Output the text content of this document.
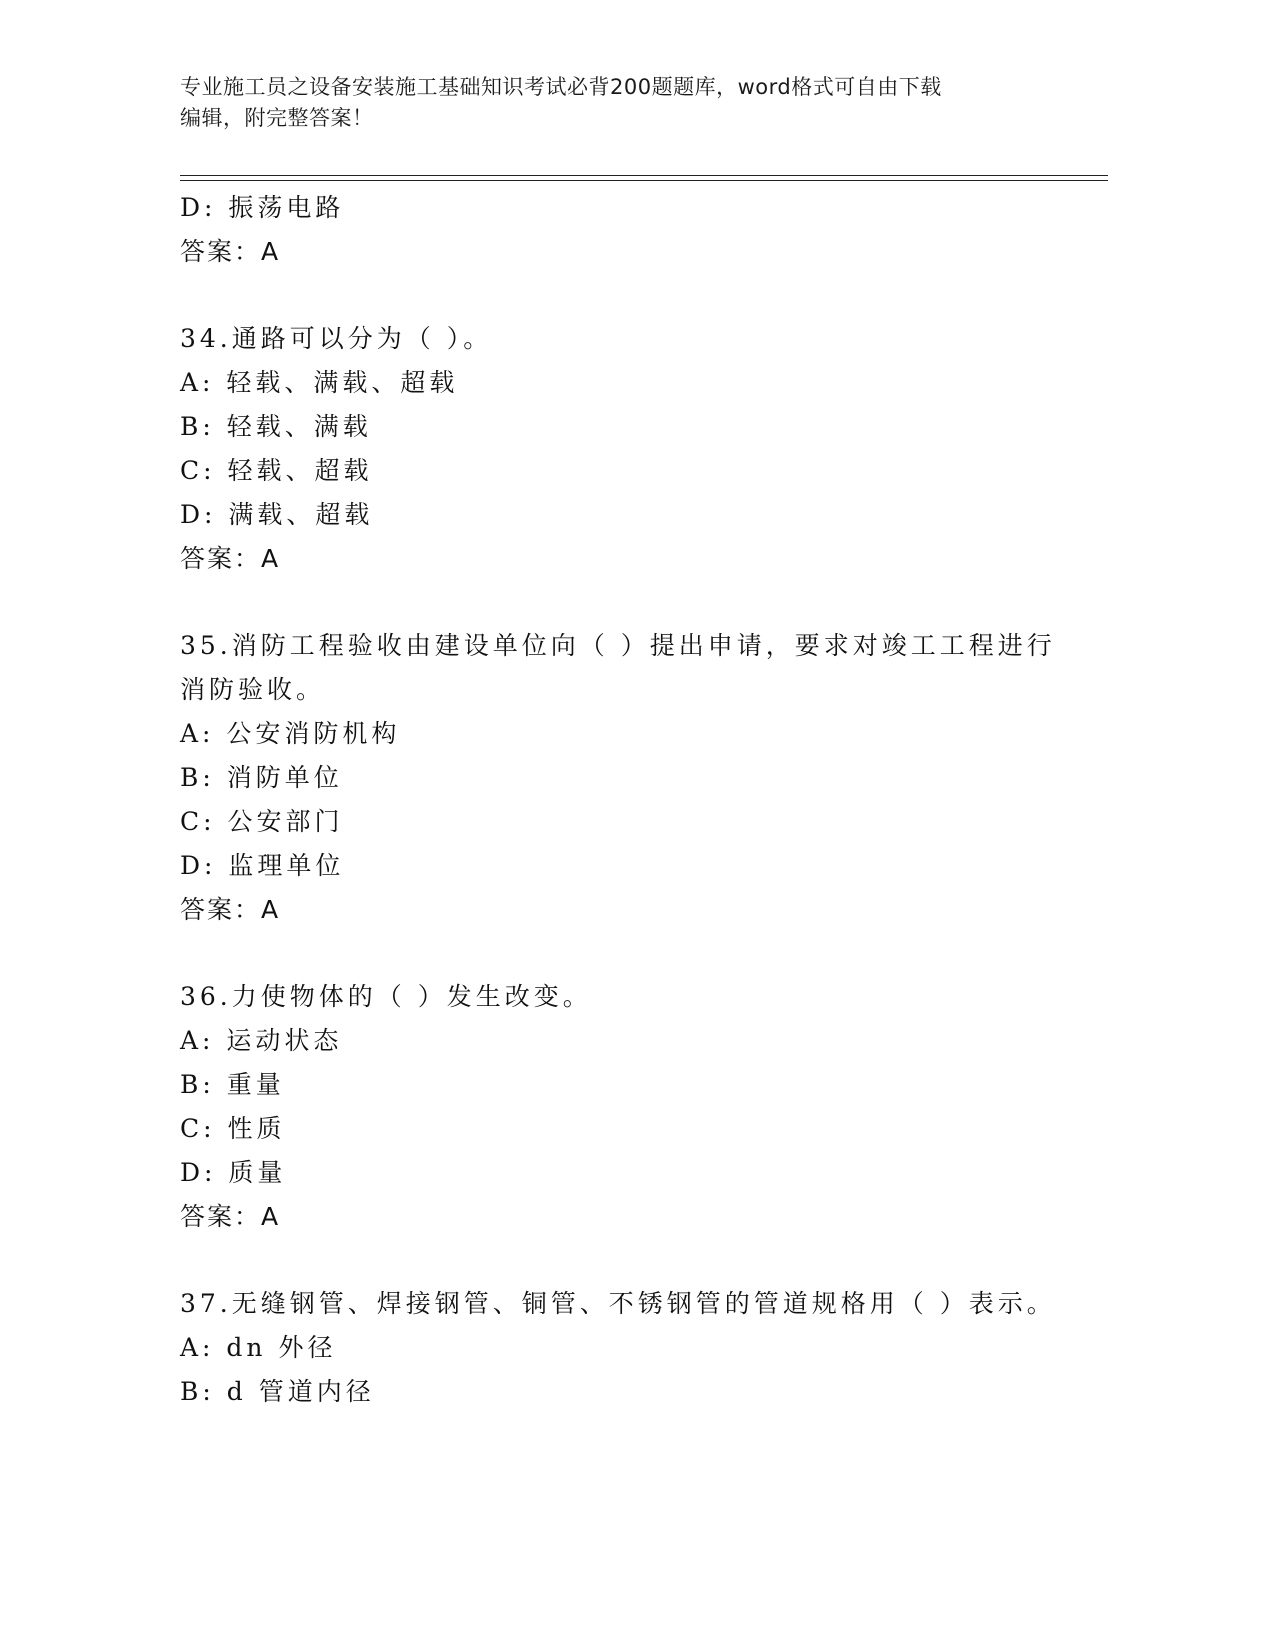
专业施工员之设备安装施工基础知识考试必背200题题库，word格式可自由下载
编辑，附完整答案！
D: 振荡电路
答案：A
34.通路可以分为（ ）。
A: 轻载、满载、超载
B: 轻载、满载
C: 轻载、超载
D: 满载、超载
答案：A
35.消防工程验收由建设单位向（ ）提出申请，要求对竣工工程进行
消防验收。
A: 公安消防机构
B: 消防单位
C: 公安部门
D: 监理单位
答案：A
36.力使物体的（ ）发生改变。
A: 运动状态
B: 重量
C: 性质
D: 质量
答案：A
37.无缝钢管、焊接钢管、铜管、不锈钢管的管道规格用（ ）表示。
A: dn 外径
B: d 管道内径
